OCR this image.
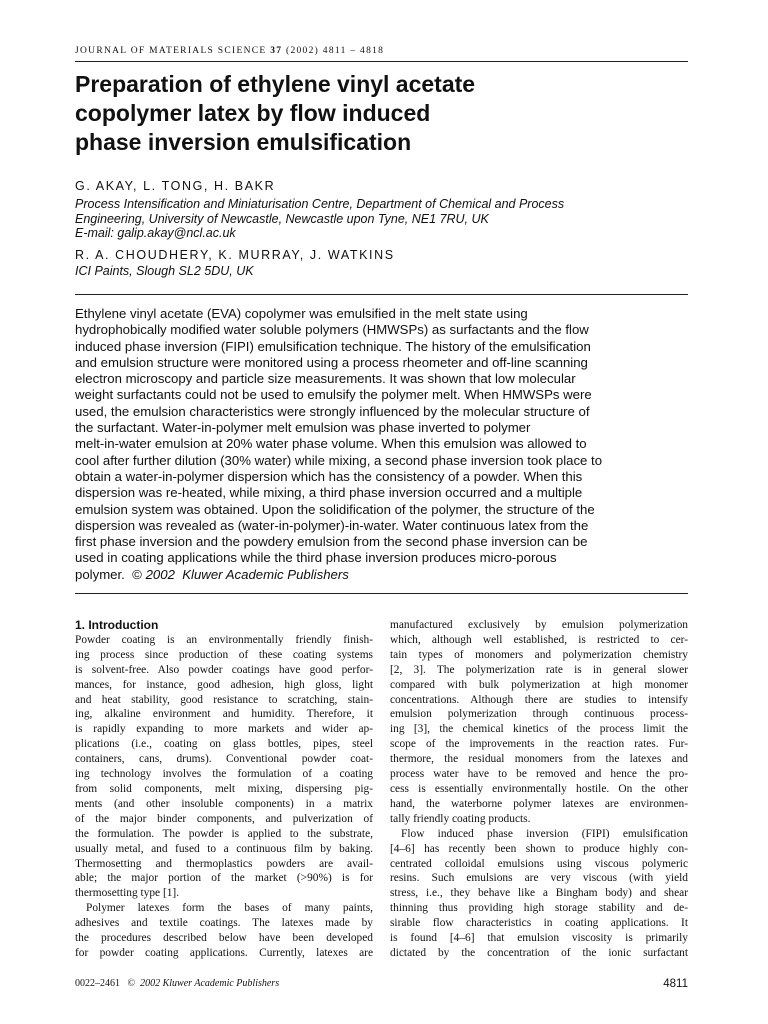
JOURNAL OF MATERIALS SCIENCE 37 (2002) 4811 – 4818
Preparation of ethylene vinyl acetate
copolymer latex by flow induced
phase inversion emulsification
G. AKAY, L. TONG, H. BAKR
Process Intensification and Miniaturisation Centre, Department of Chemical and Process
Engineering, University of Newcastle, Newcastle upon Tyne, NE1 7RU, UK
E-mail: galip.akay@ncl.ac.uk
R. A. CHOUDHERY, K. MURRAY, J. WATKINS
ICI Paints, Slough SL2 5DU, UK
Ethylene vinyl acetate (EVA) copolymer was emulsified in the melt state using
hydrophobically modified water soluble polymers (HMWSPs) as surfactants and the flow
induced phase inversion (FIPI) emulsification technique. The history of the emulsification
and emulsion structure were monitored using a process rheometer and off-line scanning
electron microscopy and particle size measurements. It was shown that low molecular
weight surfactants could not be used to emulsify the polymer melt. When HMWSPs were
used, the emulsion characteristics were strongly influenced by the molecular structure of
the surfactant. Water-in-polymer melt emulsion was phase inverted to polymer
melt-in-water emulsion at 20% water phase volume. When this emulsion was allowed to
cool after further dilution (30% water) while mixing, a second phase inversion took place to
obtain a water-in-polymer dispersion which has the consistency of a powder. When this
dispersion was re-heated, while mixing, a third phase inversion occurred and a multiple
emulsion system was obtained. Upon the solidification of the polymer, the structure of the
dispersion was revealed as (water-in-polymer)-in-water. Water continuous latex from the
first phase inversion and the powdery emulsion from the second phase inversion can be
used in coating applications while the third phase inversion produces micro-porous
polymer. © 2002 Kluwer Academic Publishers
1. Introduction
Powder coating is an environmentally friendly finish-
ing process since production of these coating systems
is solvent-free. Also powder coatings have good perfor-
mances, for instance, good adhesion, high gloss, light
and heat stability, good resistance to scratching, stain-
ing, alkaline environment and humidity. Therefore, it
is rapidly expanding to more markets and wider ap-
plications (i.e., coating on glass bottles, pipes, steel
containers, cans, drums). Conventional powder coat-
ing technology involves the formulation of a coating
from solid components, melt mixing, dispersing pig-
ments (and other insoluble components) in a matrix
of the major binder components, and pulverization of
the formulation. The powder is applied to the substrate,
usually metal, and fused to a continuous film by baking.
Thermosetting and thermoplastics powders are avail-
able; the major portion of the market (>90%) is for
thermosetting type [1].
Polymer latexes form the bases of many paints,
adhesives and textile coatings. The latexes made by
the procedures described below have been developed
for powder coating applications. Currently, latexes are
manufactured exclusively by emulsion polymerization
which, although well established, is restricted to cer-
tain types of monomers and polymerization chemistry
[2, 3]. The polymerization rate is in general slower
compared with bulk polymerization at high monomer
concentrations. Although there are studies to intensify
emulsion polymerization through continuous process-
ing [3], the chemical kinetics of the process limit the
scope of the improvements in the reaction rates. Fur-
thermore, the residual monomers from the latexes and
process water have to be removed and hence the pro-
cess is essentially environmentally hostile. On the other
hand, the waterborne polymer latexes are environmen-
tally friendly coating products.
Flow induced phase inversion (FIPI) emulsification
[4–6] has recently been shown to produce highly con-
centrated colloidal emulsions using viscous polymeric
resins. Such emulsions are very viscous (with yield
stress, i.e., they behave like a Bingham body) and shear
thinning thus providing high storage stability and de-
sirable flow characteristics in coating applications. It
is found [4–6] that emulsion viscosity is primarily
dictated by the concentration of the ionic surfactant
0022–2461 © 2002 Kluwer Academic Publishers	4811
